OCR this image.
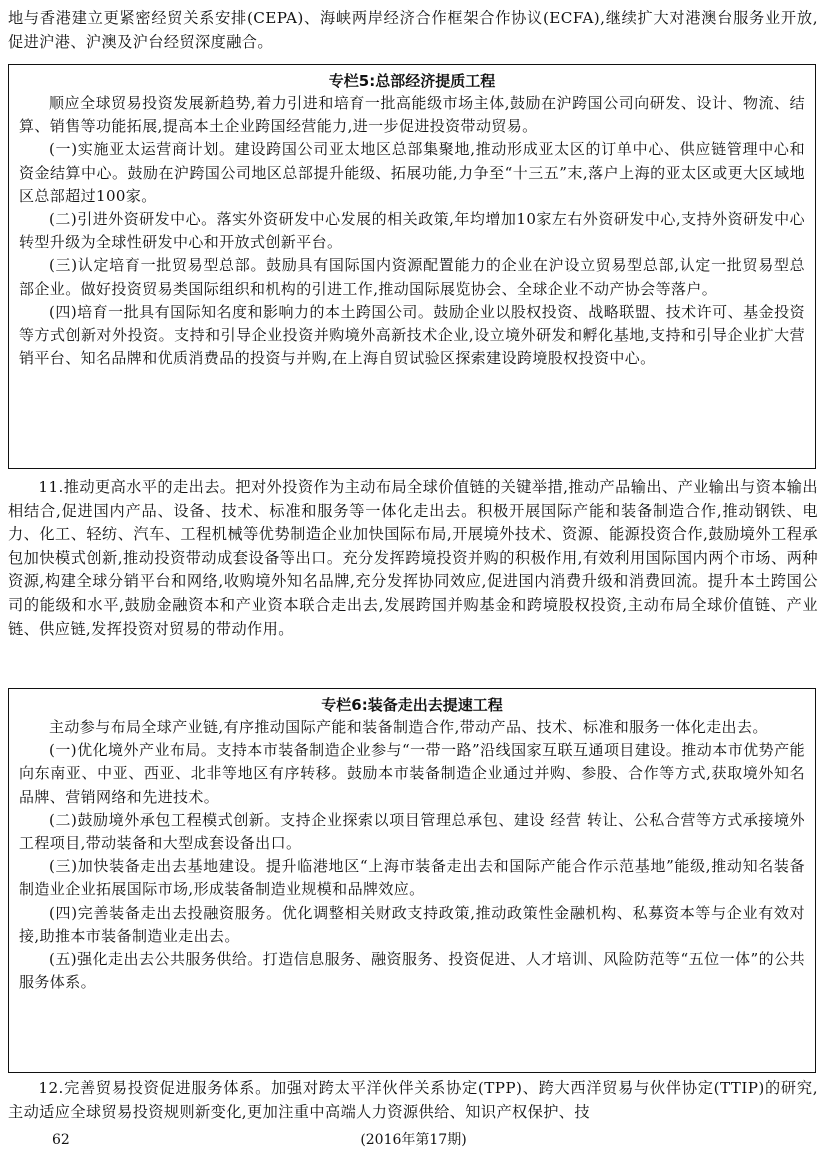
地与香港建立更紧密经贸关系安排(CEPA)、海峡两岸经济合作框架合作协议(ECFA),继续扩大对港澳台服务业开放,促进沪港、沪澳及沪台经贸深度融合。

专栏5:总部经济提质工程

顺应全球贸易投资发展新趋势,着力引进和培育一批高能级市场主体,鼓励在沪跨国公司向研发、设计、物流、结算、销售等功能拓展,提高本土企业跨国经营能力,进一步促进投资带动贸易。

(一)实施亚太运营商计划。建设跨国公司亚太地区总部集聚地,推动形成亚太区的订单中心、供应链管理中心和资金结算中心。鼓励在沪跨国公司地区总部提升能级、拓展功能,力争至“十三五”末,落户上海的亚太区或更大区域地区总部超过100家。

(二)引进外资研发中心。落实外资研发中心发展的相关政策,年均增加10家左右外资研发中心,支持外资研发中心转型升级为全球性研发中心和开放式创新平台。

(三)认定培育一批贸易型总部。鼓励具有国际国内资源配置能力的企业在沪设立贸易型总部,认定一批贸易型总部企业。做好投资贸易类国际组织和机构的引进工作,推动国际展览协会、全球企业不动产协会等落户。

(四)培育一批具有国际知名度和影响力的本土跨国公司。鼓励企业以股权投资、战略联盟、技术许可、基金投资等方式创新对外投资。支持和引导企业投资并购境外高新技术企业,设立境外研发和孵化基地,支持和引导企业扩大营销平台、知名品牌和优质消费品的投资与并购,在上海自贸试验区探索建设跨境股权投资中心。

11.推动更高水平的走出去。把对外投资作为主动布局全球价值链的关键举措,推动产品输出、产业输出与资本输出相结合,促进国内产品、设备、技术、标准和服务等一体化走出去。积极开展国际产能和装备制造合作,推动钢铁、电力、化工、轻纺、汽车、工程机械等优势制造企业加快国际布局,开展境外技术、资源、能源投资合作,鼓励境外工程承包加快模式创新,推动投资带动成套设备等出口。充分发挥跨境投资并购的积极作用,有效利用国际国内两个市场、两种资源,构建全球分销平台和网络,收购境外知名品牌,充分发挥协同效应,促进国内消费升级和消费回流。提升本土跨国公司的能级和水平,鼓励金融资本和产业资本联合走出去,发展跨国并购基金和跨境股权投资,主动布局全球价值链、产业链、供应链,发挥投资对贸易的带动作用。

专栏6:装备走出去提速工程

主动参与布局全球产业链,有序推动国际产能和装备制造合作,带动产品、技术、标准和服务一体化走出去。

(一)优化境外产业布局。支持本市装备制造企业参与“一带一路”沿线国家互联互通项目建设。推动本市优势产能向东南亚、中亚、西亚、北非等地区有序转移。鼓励本市装备制造企业通过并购、参股、合作等方式,获取境外知名品牌、营销网络和先进技术。

(二)鼓励境外承包工程模式创新。支持企业探索以项目管理总承包、建设 经营 转让、公私合营等方式承接境外工程项目,带动装备和大型成套设备出口。

(三)加快装备走出去基地建设。提升临港地区“上海市装备走出去和国际产能合作示范基地”能级,推动知名装备制造业企业拓展国际市场,形成装备制造业规模和品牌效应。

(四)完善装备走出去投融资服务。优化调整相关财政支持政策,推动政策性金融机构、私募资本等与企业有效对接,助推本市装备制造业走出去。

(五)强化走出去公共服务供给。打造信息服务、融资服务、投资促进、人才培训、风险防范等“五位一体”的公共服务体系。

12.完善贸易投资促进服务体系。加强对跨太平洋伙伴关系协定(TPP)、跨大西洋贸易与伙伴协定(TTIP)的研究,主动适应全球贸易投资规则新变化,更加注重中高端人力资源供给、知识产权保护、技

62	(2016年第17期)
